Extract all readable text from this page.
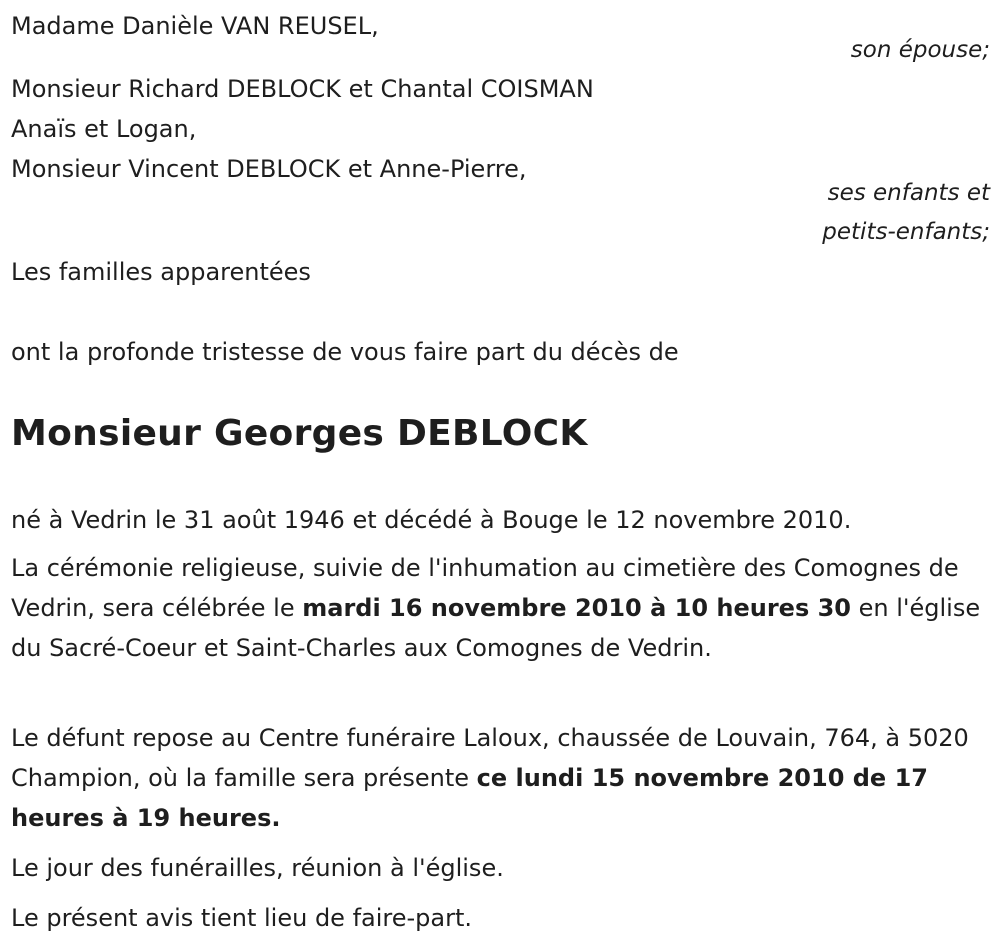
Madame Danièle VAN REUSEL,
son épouse;
Monsieur Richard DEBLOCK et Chantal COISMAN
Anaïs et Logan,
Monsieur Vincent DEBLOCK et Anne-Pierre,
ses enfants et
petits-enfants;
Les familles apparentées
ont la profonde tristesse de vous faire part du décès de
Monsieur Georges DEBLOCK
né à Vedrin le 31 août 1946 et décédé à Bouge le 12 novembre 2010.
La cérémonie religieuse, suivie de l'inhumation au cimetière des Comognes de Vedrin, sera célébrée le mardi 16 novembre 2010 à 10 heures 30 en l'église du Sacré-Coeur et Saint-Charles aux Comognes de Vedrin.
Le défunt repose au Centre funéraire Laloux, chaussée de Louvain, 764, à 5020 Champion, où la famille sera présente ce lundi 15 novembre 2010 de 17 heures à 19 heures.
Le jour des funérailles, réunion à l'église.
Le présent avis tient lieu de faire-part.
